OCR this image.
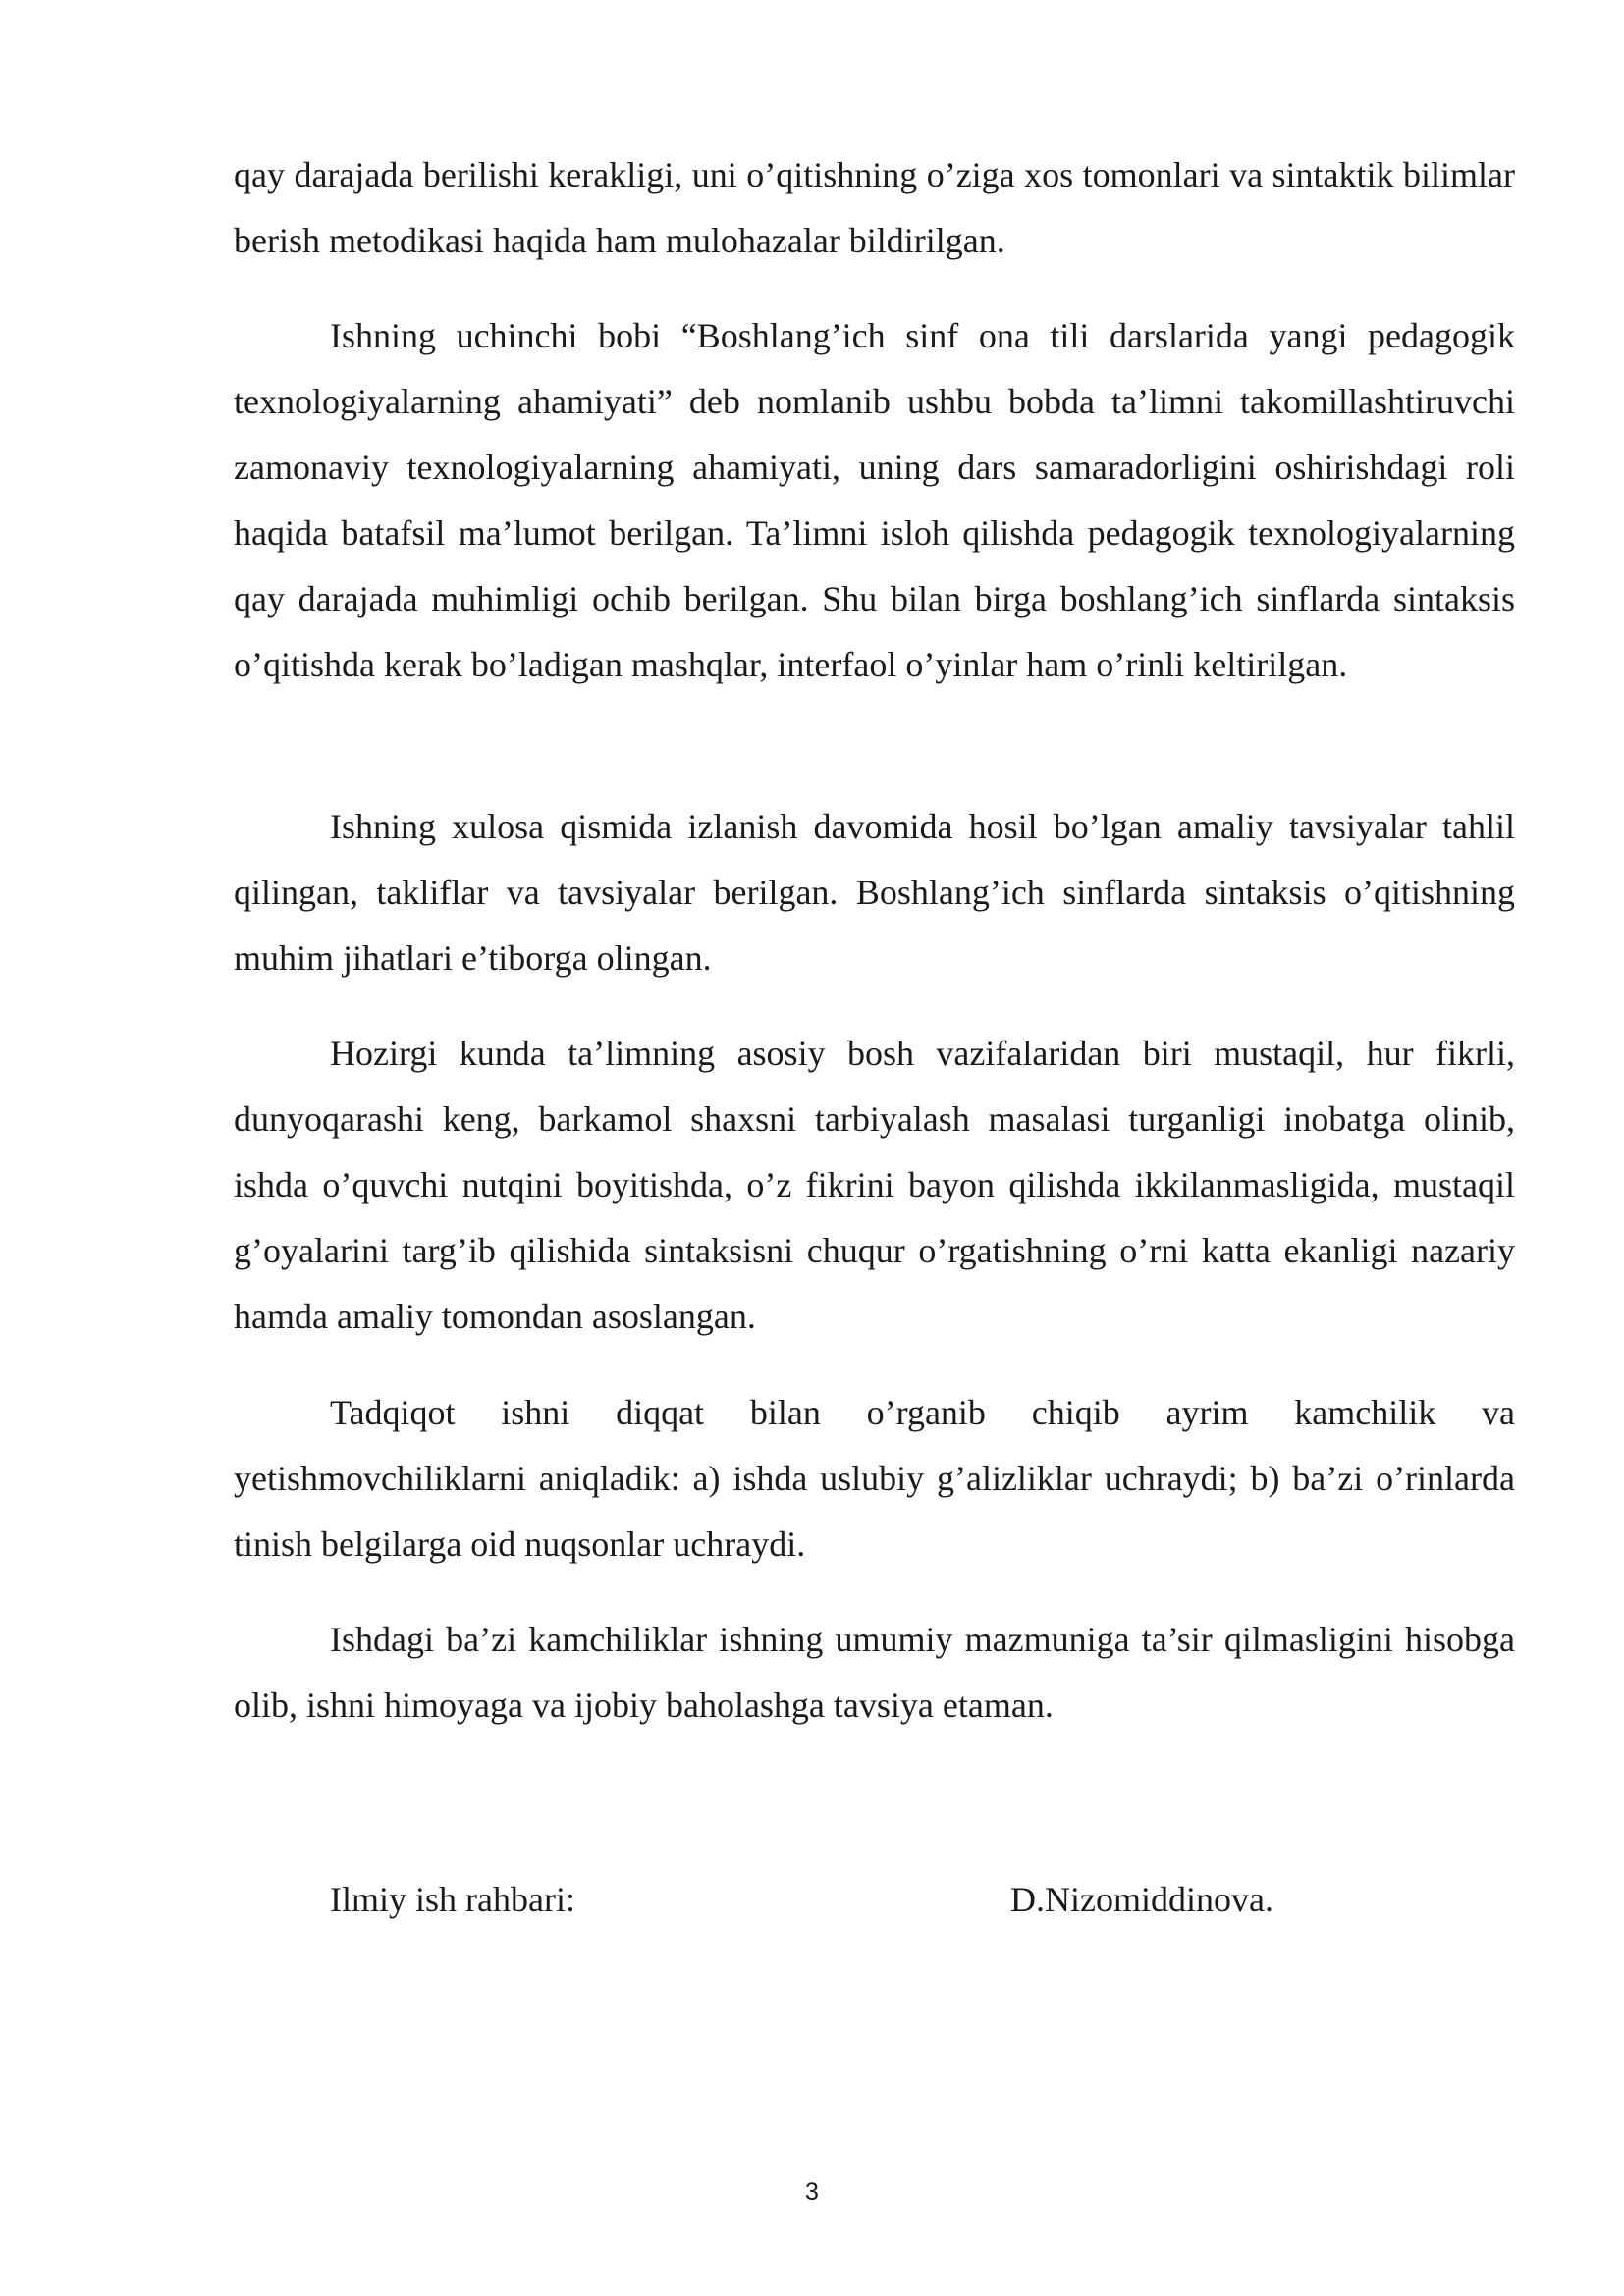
qay darajada berilishi kerakligi, uni o’qitishning o’ziga xos tomonlari va sintaktik bilimlar berish metodikasi haqida ham mulohazalar bildirilgan.

Ishning uchinchi bobi “Boshlang’ich sinf ona tili darslarida yangi pedagogik texnologiyalarning ahamiyati” deb nomlanib ushbu bobda ta’limni takomillashtiruvchi zamonaviy texnologiyalarning ahamiyati, uning dars samaradorligini oshirishdagi roli haqida batafsil ma’lumot berilgan. Ta’limni isloh qilishda pedagogik texnologiyalarning qay darajada muhimligi ochib berilgan. Shu bilan birga boshlang’ich sinflarda sintaksis o’qitishda kerak bo’ladigan mashqlar, interfaol o’yinlar ham o’rinli keltirilgan.

Ishning xulosa qismida izlanish davomida hosil bo’lgan amaliy tavsiyalar tahlil qilingan, takliflar va tavsiyalar berilgan. Boshlang’ich sinflarda sintaksis o’qitishning muhim jihatlari e’tiborga olingan.

Hozirgi kunda ta’limning asosiy bosh vazifalaridan biri mustaqil, hur fikrli, dunyoqarashi keng, barkamol shaxsni tarbiyalash masalasi turganligi inobatga olinib, ishda o’quvchi nutqini boyitishda, o’z fikrini bayon qilishda ikkilanmasligida, mustaqil g’oyalarini targ’ib qilishida sintaksisni chuqur o’rgatishning o’rni katta ekanligi nazariy hamda amaliy tomondan asoslangan.

Tadqiqot ishni diqqat bilan o’rganib chiqib ayrim kamchilik va yetishmovchiliklarni aniqladik: a) ishda uslubiy g’alizliklar uchraydi; b) ba’zi o’rinlarda tinish belgilarga oid nuqsonlar uchraydi.

Ishdagi ba’zi kamchiliklar ishning umumiy mazmuniga ta’sir qilmasligini hisobga olib, ishni himoyaga va ijobiy baholashga tavsiya etaman.

Ilmiy ish rahbari:	D.Nizomiddinova.
3
